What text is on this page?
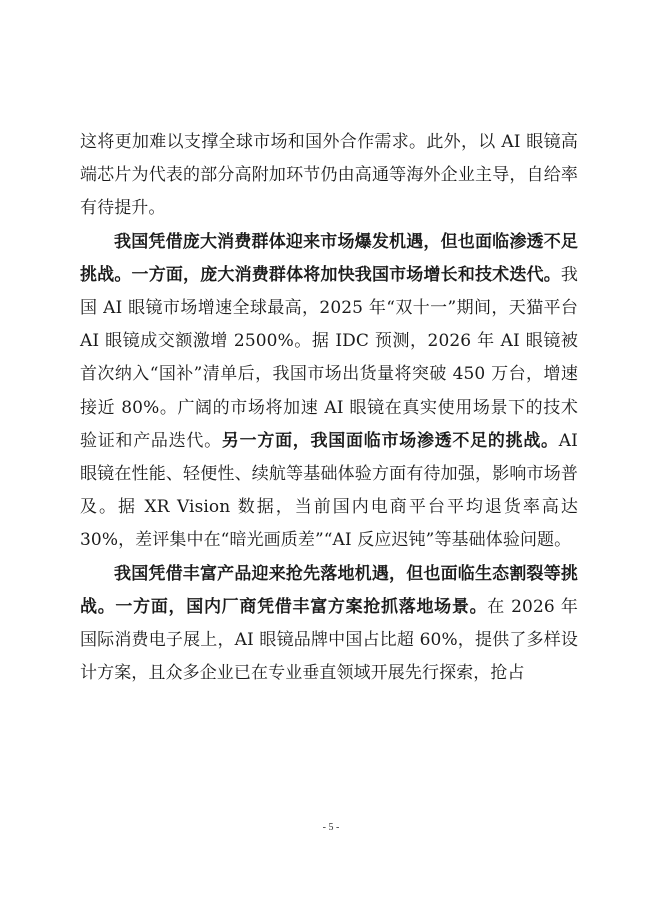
这将更加难以支撑全球市场和国外合作需求。此外，以 AI 眼镜高端芯片为代表的部分高附加环节仍由高通等海外企业主导，自给率有待提升。

我国凭借庞大消费群体迎来市场爆发机遇，但也面临渗透不足挑战。一方面，庞大消费群体将加快我国市场增长和技术迭代。我国 AI 眼镜市场增速全球最高，2025 年“双十一”期间，天猫平台 AI 眼镜成交额激增 2500%。据 IDC 预测，2026 年 AI 眼镜被首次纳入“国补”清单后，我国市场出货量将突破 450 万台，增速接近 80%。广阔的市场将加速 AI 眼镜在真实使用场景下的技术验证和产品迭代。另一方面，我国面临市场渗透不足的挑战。AI 眼镜在性能、轻便性、续航等基础体验方面有待加强，影响市场普及。据 XR Vision 数据，当前国内电商平台平均退货率高达 30%，差评集中在“暗光画质差”“AI 反应迟钝”等基础体验问题。

我国凭借丰富产品迎来抢先落地机遇，但也面临生态割裂等挑战。一方面，国内厂商凭借丰富方案抢抓落地场景。在 2026 年国际消费电子展上，AI 眼镜品牌中国占比超 60%，提供了多样设计方案，且众多企业已在专业垂直领域开展先行探索，抢占

- 5 -
